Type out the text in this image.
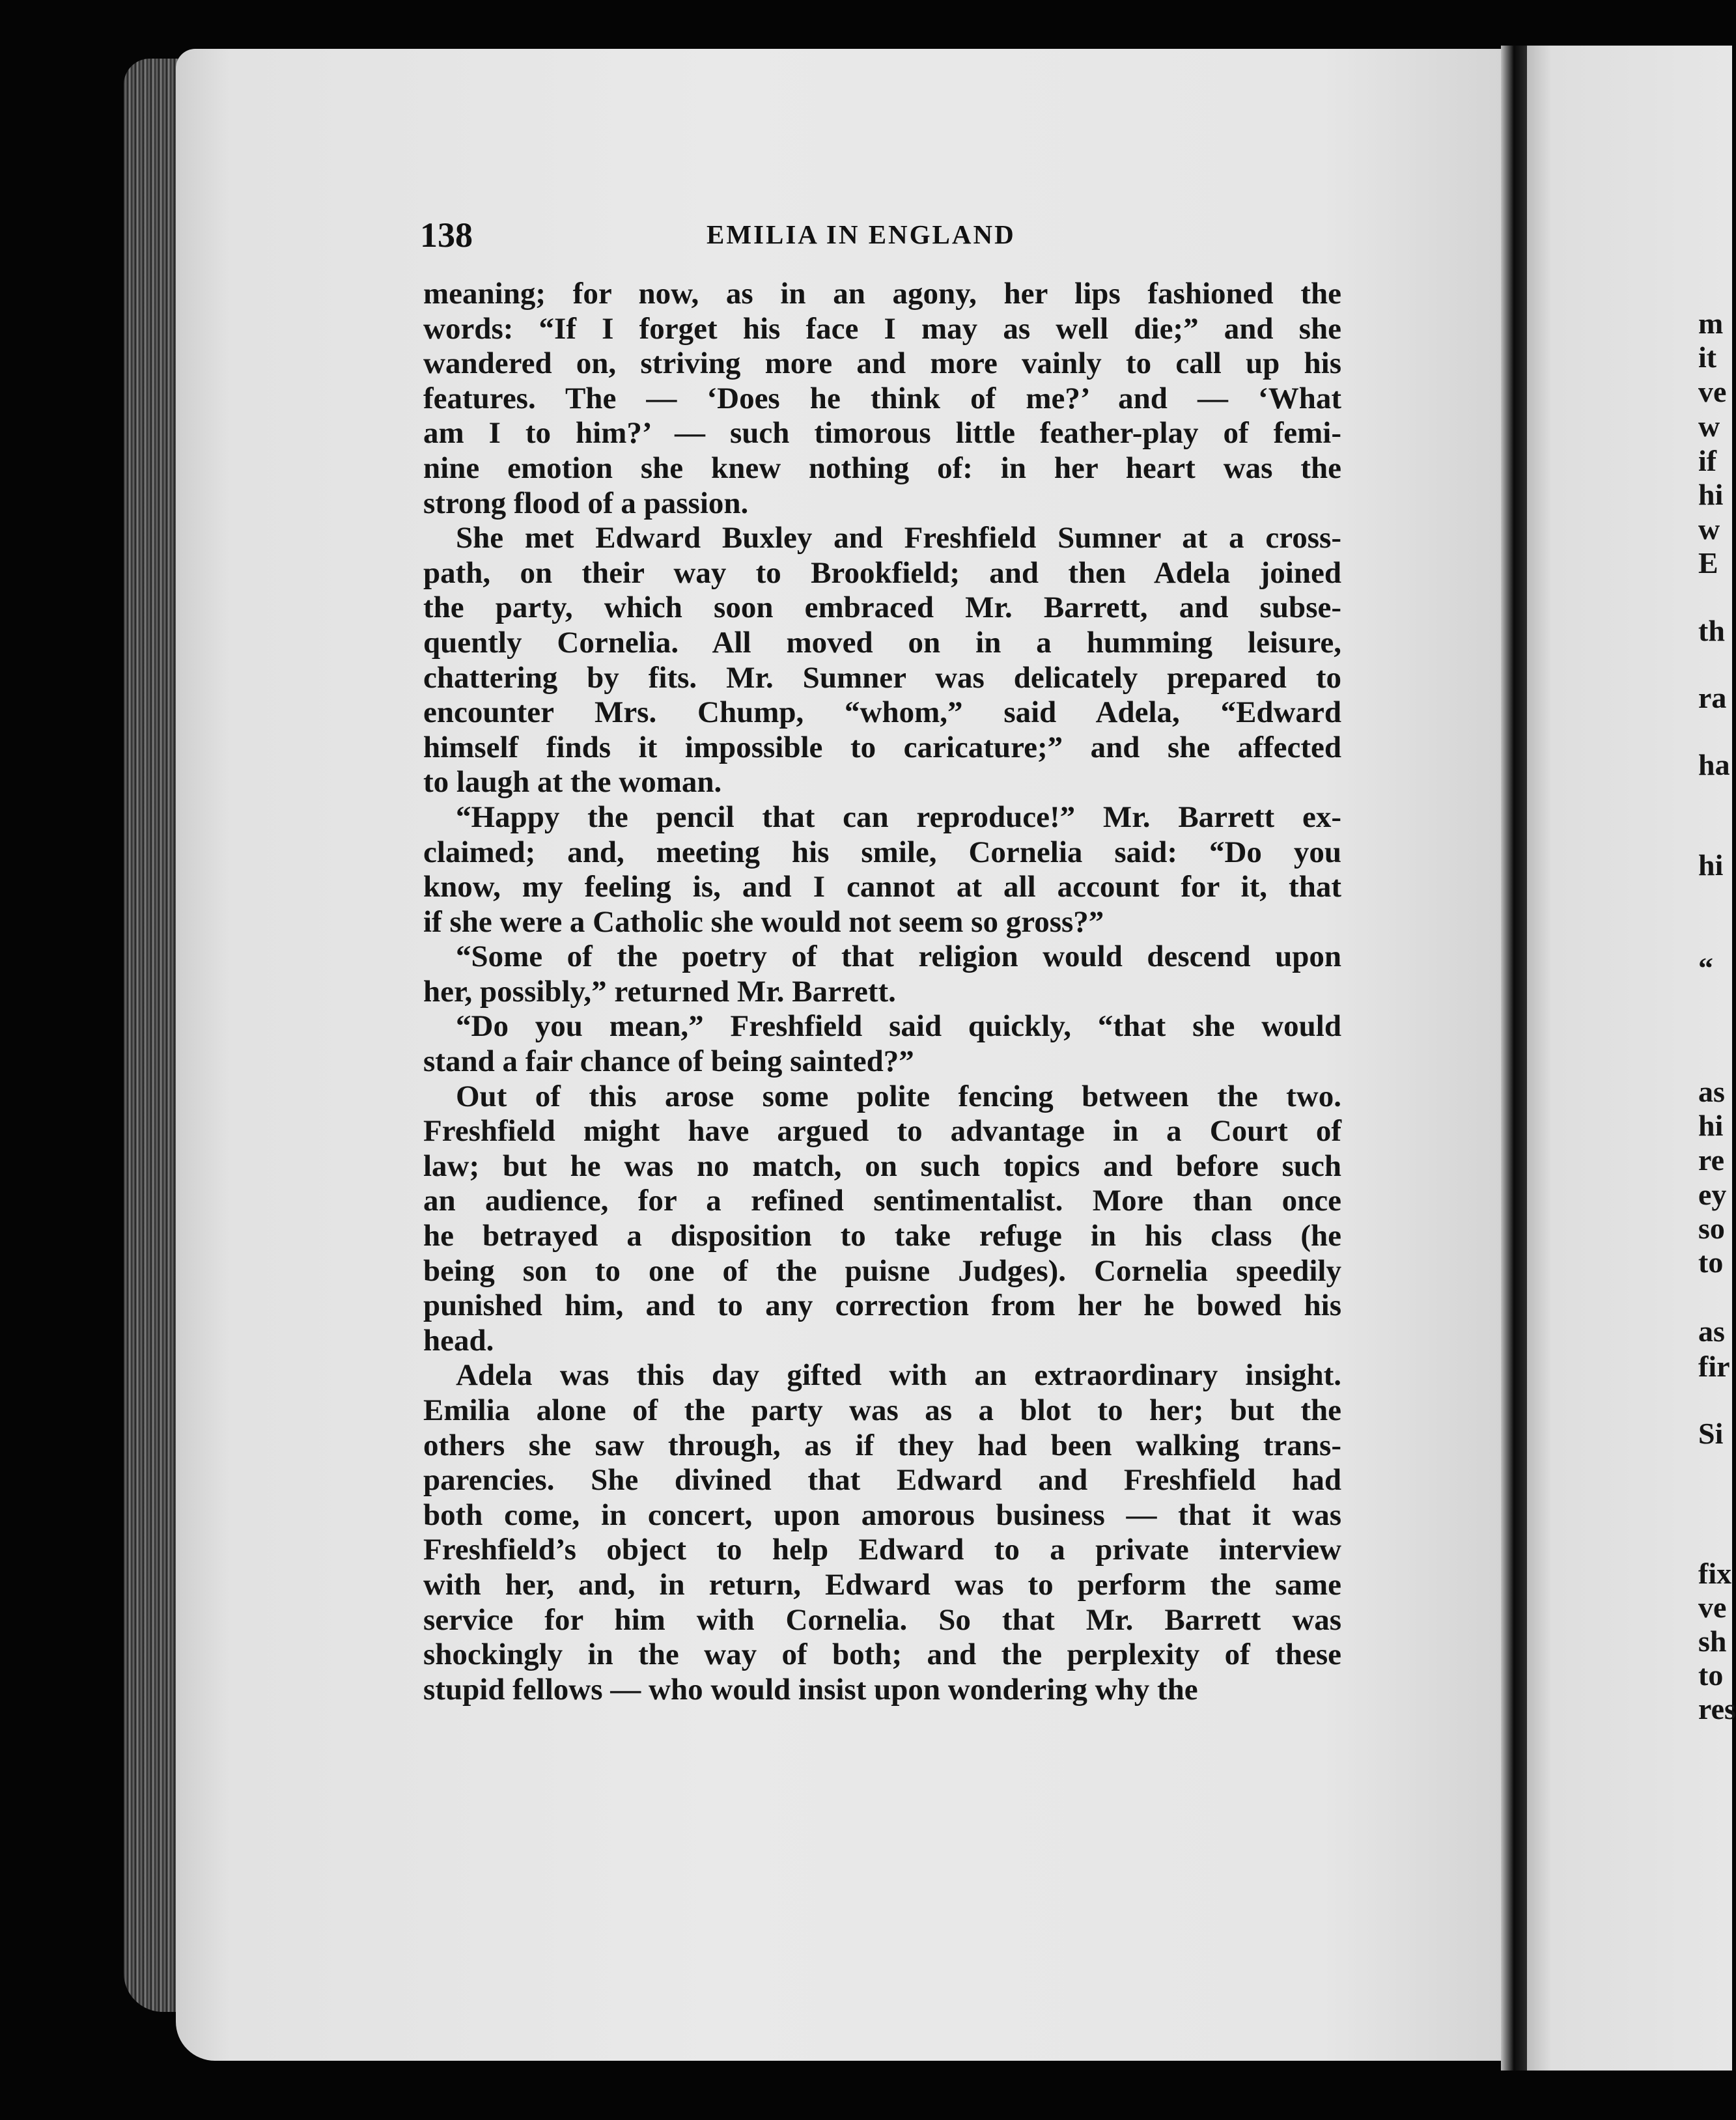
138	EMILIA IN ENGLAND
meaning; for now, as in an agony, her lips fashioned the
words: “If I forget his face I may as well die;” and she
wandered on, striving more and more vainly to call up his
features. The — ‘Does he think of me?’ and — ‘What
am I to him?’ — such timorous little feather-play of femi-
nine emotion she knew nothing of: in her heart was the
strong flood of a passion.
She met Edward Buxley and Freshfield Sumner at a cross-
path, on their way to Brookfield; and then Adela joined
the party, which soon embraced Mr. Barrett, and subse-
quently Cornelia. All moved on in a humming leisure,
chattering by fits. Mr. Sumner was delicately prepared to
encounter Mrs. Chump, “whom,” said Adela, “Edward
himself finds it impossible to caricature;” and she affected
to laugh at the woman.
“Happy the pencil that can reproduce!” Mr. Barrett ex-
claimed; and, meeting his smile, Cornelia said: “Do you
know, my feeling is, and I cannot at all account for it, that
if she were a Catholic she would not seem so gross?”
“Some of the poetry of that religion would descend upon
her, possibly,” returned Mr. Barrett.
“Do you mean,” Freshfield said quickly, “that she would
stand a fair chance of being sainted?”
Out of this arose some polite fencing between the two.
Freshfield might have argued to advantage in a Court of
law; but he was no match, on such topics and before such
an audience, for a refined sentimentalist. More than once
he betrayed a disposition to take refuge in his class (he
being son to one of the puisne Judges). Cornelia speedily
punished him, and to any correction from her he bowed his
head.
Adela was this day gifted with an extraordinary insight.
Emilia alone of the party was as a blot to her; but the
others she saw through, as if they had been walking trans-
parencies. She divined that Edward and Freshfield had
both come, in concert, upon amorous business — that it was
Freshfield’s object to help Edward to a private interview
with her, and, in return, Edward was to perform the same
service for him with Cornelia. So that Mr. Barrett was
shockingly in the way of both; and the perplexity of these
stupid fellows — who would insist upon wondering why the
m
it
ve
w
if
hi
w
E
th
ra
ha
hi
“
as
hi
re
ey
so
to
as
fir
Si
fix
ve
sh
to
res
